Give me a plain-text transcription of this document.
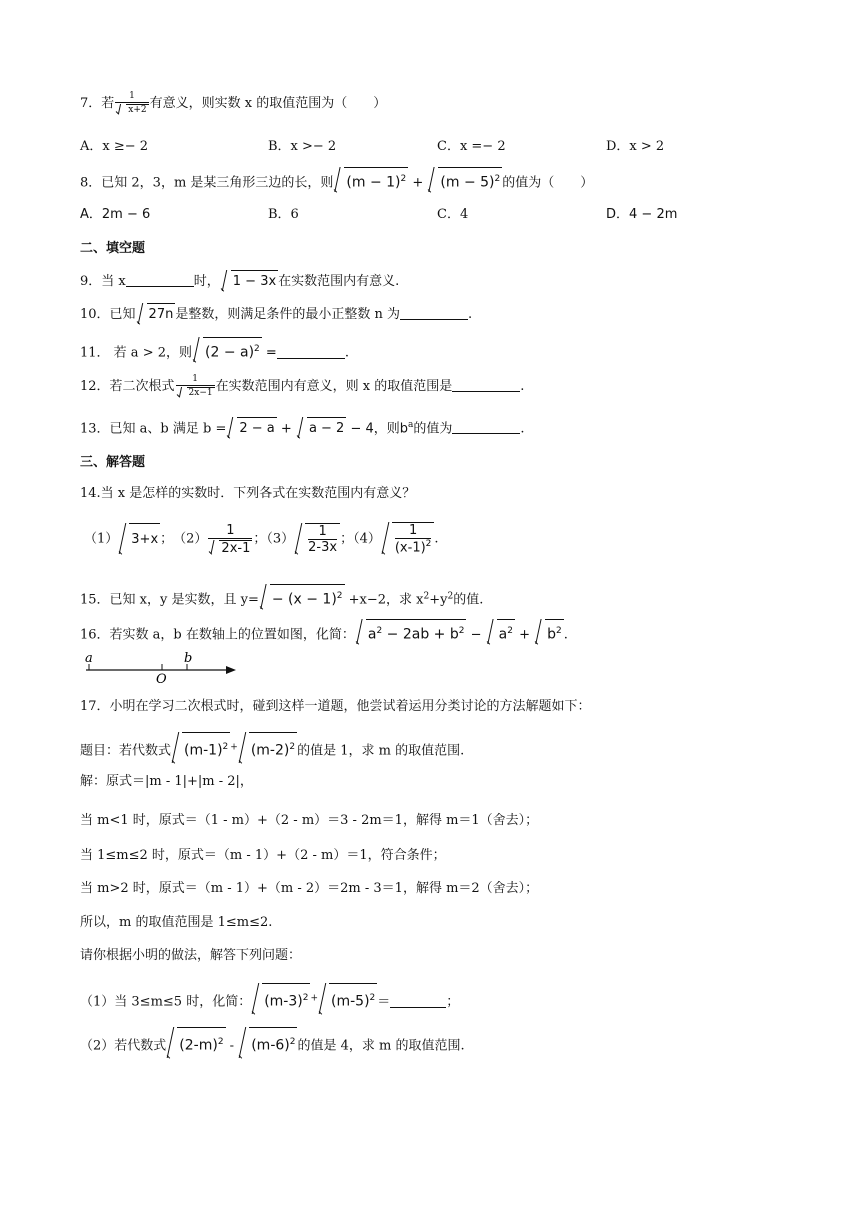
7．若 $\frac{1}{x+2}$ 有意义，则实数 x 的取值范围为（　　）
A．x ≥− 2	B．x >− 2	C．x =− 2	D．x > 2
8．已知 2，3，m 是某三角形三边的长，则 $(m - 1)^2 + (m - 5)^2$ 的值为（　　）
A．2m − 6	B．6	C．4	D．4 − 2m
二、填空题
9．当 x	时， 1 − 3x 在实数范围内有意义.
10．已知 27n 是整数，则满足条件的最小正整数 n 为	.
11． 若 a > 2，则 $(2 - a)^2$ =	.
12．若二次根式 $\frac{1}{2x-1}$ 在实数范围内有意义，则 x 的取值范围是	.
13．已知 a、b 满足 b = 2 − a + a − 2 − 4，则$b^a$的值为	.
三、解答题
14.当 x 是怎样的实数时．下列各式在实数范围内有意义？
（1） 3+x ；　$(2) \frac{1}{2x-1}$ ；$(3) \frac{1}{2-3x}$ ；$(4) \frac{1}{(x-1)^2}$ .
15．已知 x，y 是实数，且 $y= - (x - 1)^2 +x-2$，求 $x^2+y^2$的值.
16．若实数 a，b 在数轴上的位置如图，化简： $a^2 - 2ab + b^2 - a^2 + b^2$ .
a
O
b
17．小明在学习二次根式时，碰到这样一道题，他尝试着运用分类讨论的方法解题如下：
题目：若代数式 $(m-1)^2$ + $(m-2)^2$ 的值是 1，求 m 的取值范围.
解：原式＝|m - 1|+|m - 2|，
当 m<1 时，原式＝（1 - m）+（2 - m）＝3 - 2m＝1，解得 m＝1（舍去）；
当 1≤m≤2 时，原式＝（m - 1）+（2 - m）＝1，符合条件；
当 m>2 时，原式＝（m - 1）+（m - 2）＝2m - 3＝1，解得 m＝2（舍去）；
所以，m 的取值范围是 1≤m≤2.
请你根据小明的做法，解答下列问题：
（1）当 3≤m≤5 时，化简： $(m-3)^2$ + $(m-5)^2$ ＝	；
（2）若代数式 $(2-m)^2 - (m-6)^2$ 的值是 4，求 m 的取值范围.
